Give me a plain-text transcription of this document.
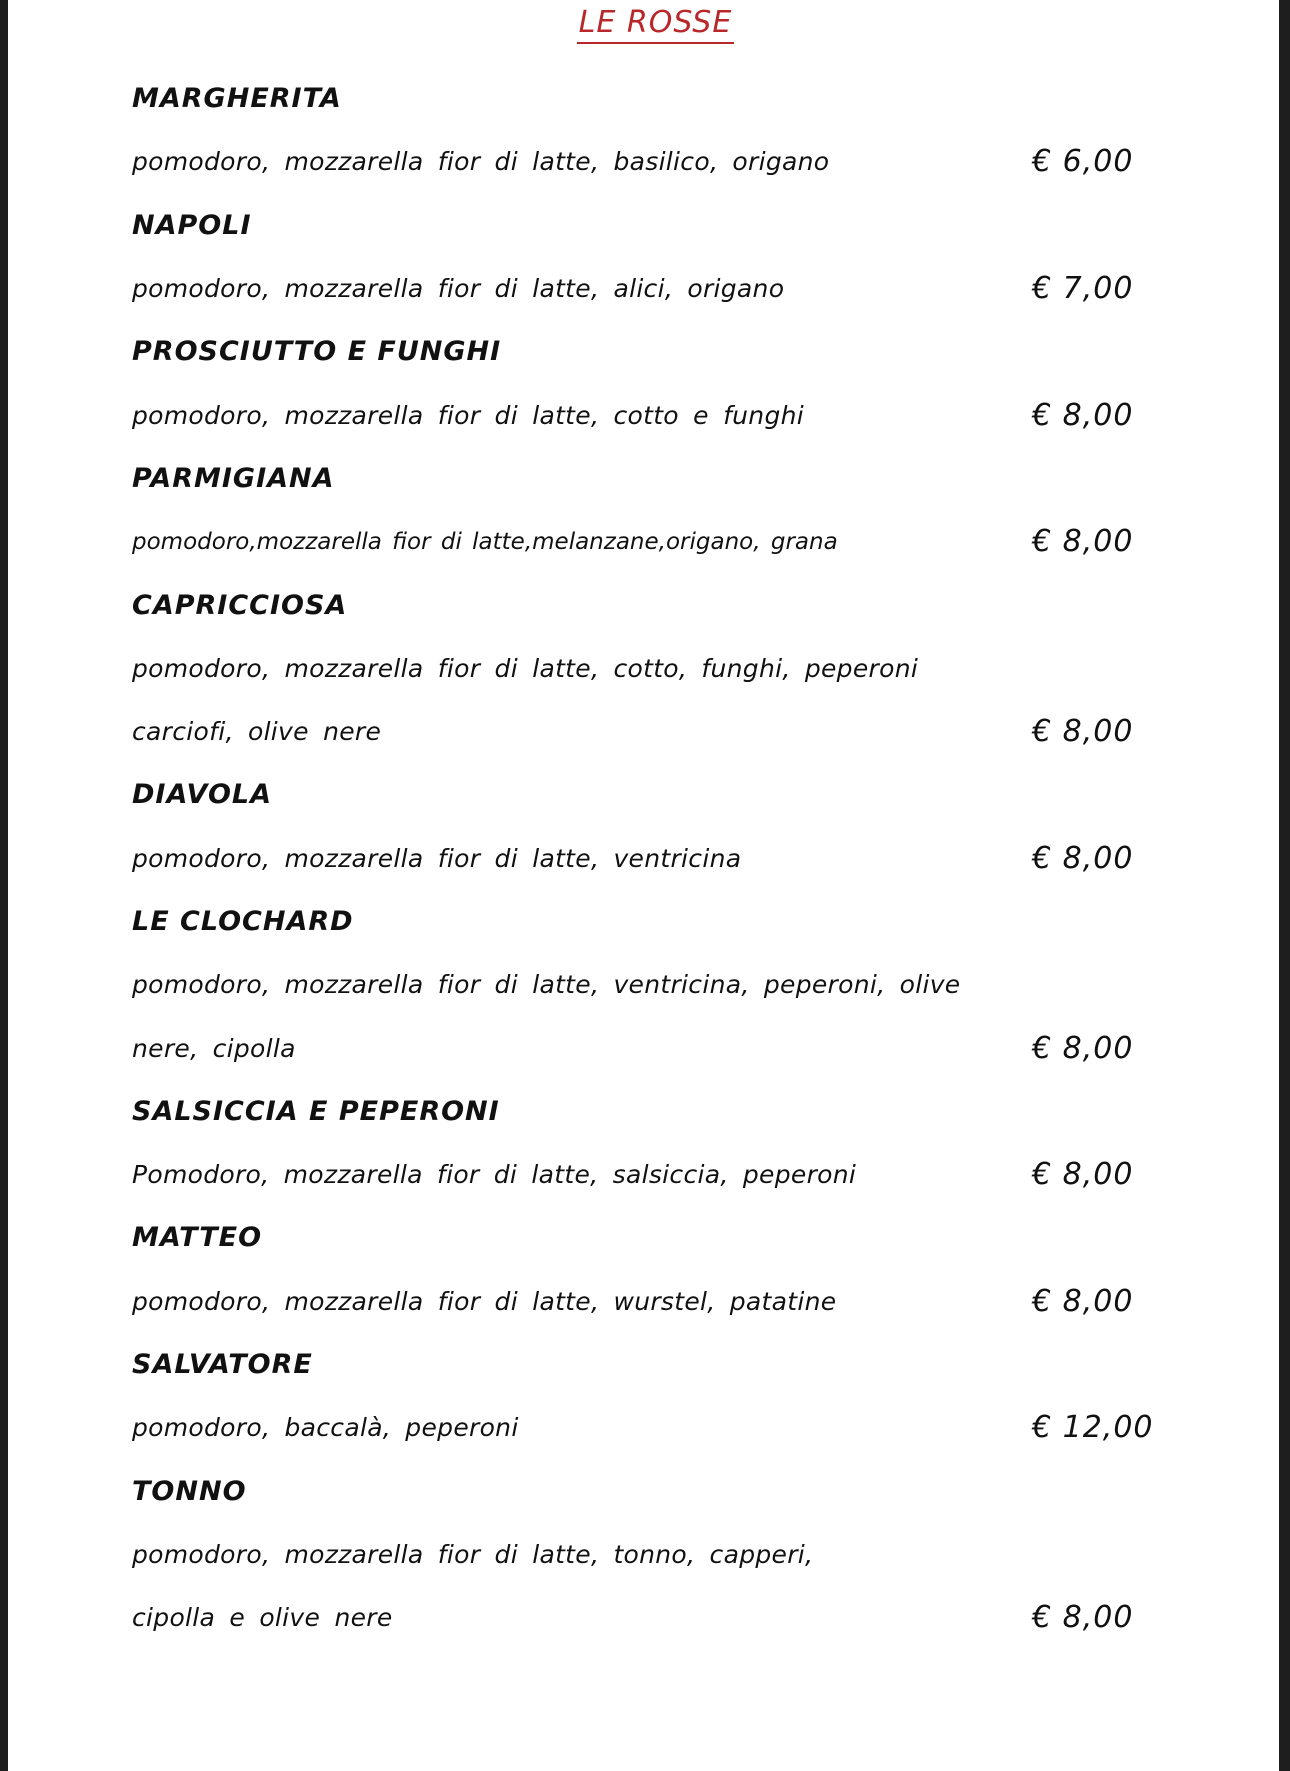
LE ROSSE
MARGHERITA
pomodoro, mozzarella fior di latte, basilico, origano	€ 6,00
NAPOLI
pomodoro, mozzarella fior di latte, alici, origano	€ 7,00
PROSCIUTTO E FUNGHI
pomodoro, mozzarella fior di latte, cotto e funghi	€ 8,00
PARMIGIANA
pomodoro,mozzarella fior di latte,melanzane,origano, grana	€ 8,00
CAPRICCIOSA
pomodoro, mozzarella fior di latte, cotto, funghi, peperoni
carciofi, olive nere	€ 8,00
DIAVOLA
pomodoro, mozzarella fior di latte, ventricina	€ 8,00
LE CLOCHARD
pomodoro, mozzarella fior di latte, ventricina, peperoni, olive
nere, cipolla	€ 8,00
SALSICCIA E PEPERONI
Pomodoro, mozzarella fior di latte, salsiccia, peperoni	€ 8,00
MATTEO
pomodoro, mozzarella fior di latte, wurstel, patatine	€ 8,00
SALVATORE
pomodoro, baccalà, peperoni	€ 12,00
TONNO
pomodoro, mozzarella fior di latte, tonno, capperi,
cipolla e olive nere	€ 8,00
